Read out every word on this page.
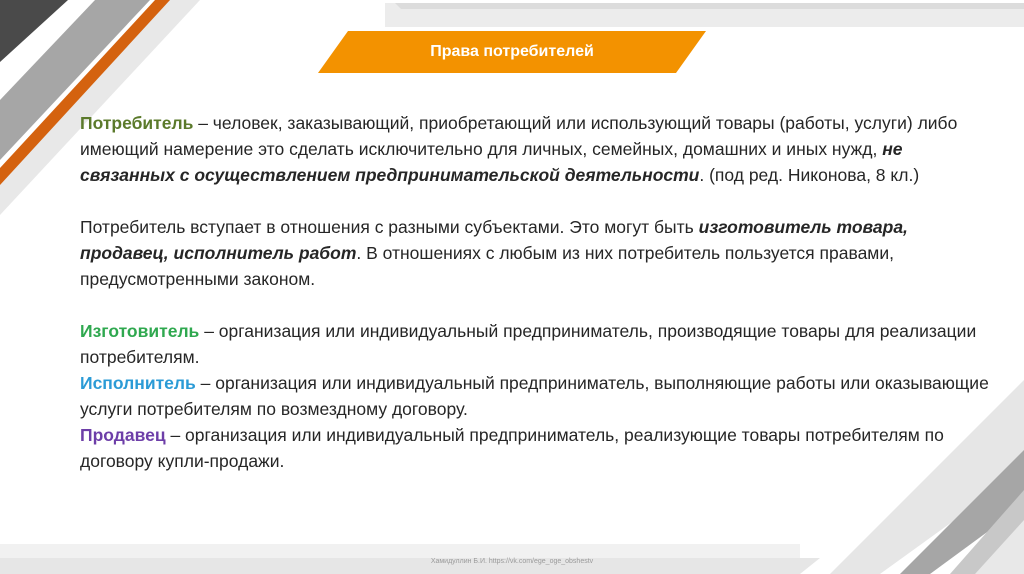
Права потребителей

Потребитель – человек, заказывающий, приобретающий или использующий товары (работы, услуги) либо имеющий намерение это сделать исключительно для личных, семейных, домашних и иных нужд, не связанных с осуществлением предпринимательской деятельности. (под ред. Никонова, 8 кл.)

Потребитель вступает в отношения с разными субъектами. Это могут быть изготовитель товара, продавец, исполнитель работ. В отношениях с любым из них потребитель пользуется правами, предусмотренными законом.

Изготовитель – организация или индивидуальный предприниматель, производящие товары для реализации потребителям.

Исполнитель – организация или индивидуальный предприниматель, выполняющие работы или оказывающие услуги потребителям по возмездному договору.

Продавец – организация или индивидуальный предприниматель, реализующие товары потребителям по договору купли-продажи.

Хамидуллин Б.И. https://vk.com/ege_oge_obshestv
